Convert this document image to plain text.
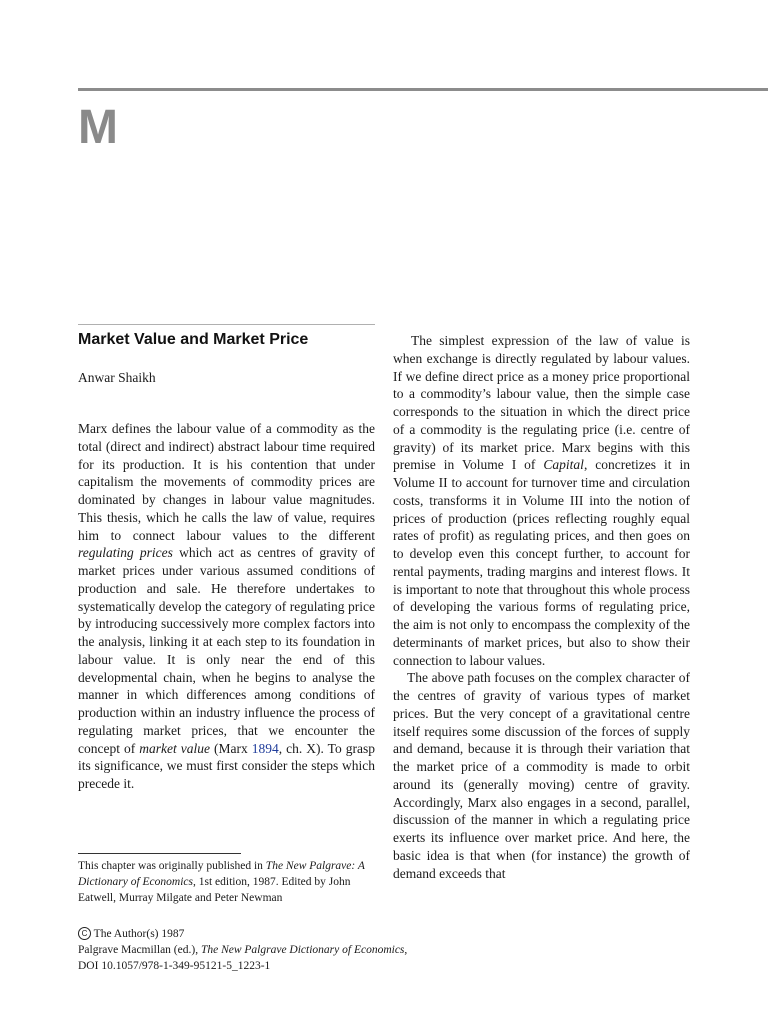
M
Market Value and Market Price
Anwar Shaikh

Marx defines the labour value of a commodity as the total (direct and indirect) abstract labour time required for its production. It is his contention that under capitalism the movements of commodity prices are dominated by changes in labour value magnitudes. This thesis, which he calls the law of value, requires him to connect labour values to the different regulating prices which act as centres of gravity of market prices under various assumed conditions of production and sale. He therefore undertakes to systematically develop the category of regulating price by introducing successively more complex factors into the analysis, linking it at each step to its foundation in labour value. It is only near the end of this developmental chain, when he begins to analyse the manner in which differences among conditions of production within an industry influence the process of regulating market prices, that we encounter the concept of market value (Marx 1894, ch. X). To grasp its significance, we must first consider the steps which precede it.

The simplest expression of the law of value is when exchange is directly regulated by labour values. If we define direct price as a money price proportional to a commodity’s labour value, then the simple case corresponds to the situation in which the direct price of a commodity is the regulating price (i.e. centre of gravity) of its market price. Marx begins with this premise in Volume I of Capital, concretizes it in Volume II to account for turnover time and circulation costs, transforms it in Volume III into the notion of prices of production (prices reflecting roughly equal rates of profit) as regulating prices, and then goes on to develop even this concept further, to account for rental payments, trading margins and interest flows. It is important to note that throughout this whole process of developing the various forms of regulating price, the aim is not only to encompass the complexity of the determinants of market prices, but also to show their connection to labour values.

The above path focuses on the complex character of the centres of gravity of various types of market prices. But the very concept of a gravitational centre itself requires some discussion of the forces of supply and demand, because it is through their variation that the market price of a commodity is made to orbit around its (generally moving) centre of gravity. Accordingly, Marx also engages in a second, parallel, discussion of the manner in which a regulating price exerts its influence over market price. And here, the basic idea is that when (for instance) the growth of demand exceeds that

This chapter was originally published in The New Palgrave: A Dictionary of Economics, 1st edition, 1987. Edited by John Eatwell, Murray Milgate and Peter Newman

C The Author(s) 1987
Palgrave Macmillan (ed.), The New Palgrave Dictionary of Economics,
DOI 10.1057/978-1-349-95121-5_1223-1
